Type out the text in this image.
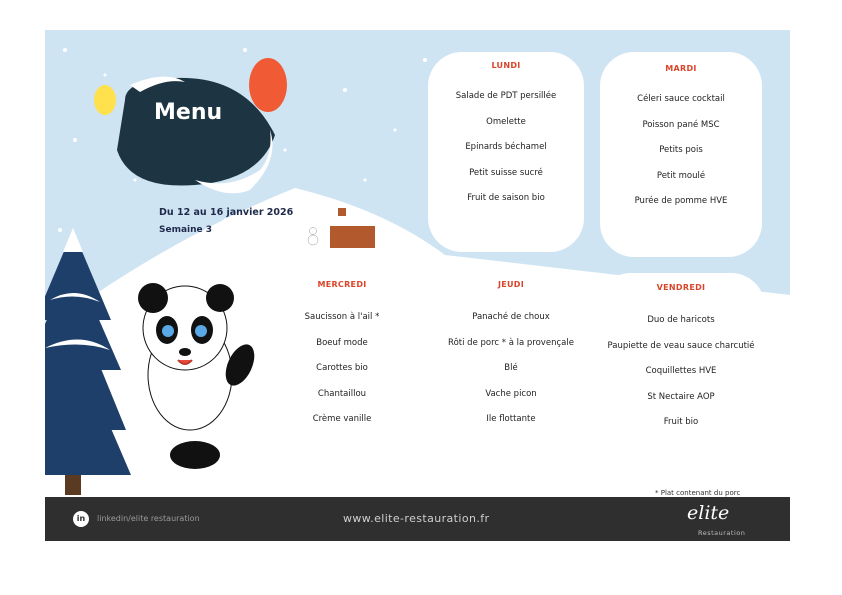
Menu
Du 12 au 16 janvier 2026
Semaine 3
LUNDI
Salade de PDT persillée
Omelette
Epinards béchamel
Petit suisse sucré
Fruit de saison bio
MARDI
Céleri sauce cocktail
Poisson pané MSC
Petits pois
Petit moulé
Purée de pomme HVE
MERCREDI
Saucisson à l'ail *
Boeuf mode
Carottes bio
Chantaillou
Crème vanille
JEUDI
Panaché de choux
Rôti de porc * à la provençale
Blé
Vache picon
Ile flottante
VENDREDI
Duo de haricots
Paupiette de veau sauce charcutié
Coquillettes HVE
St Nectaire AOP
Fruit bio
* Plat contenant du porc
in	linkedin/elite restauration	www.elite-restauration.fr	elite
Restauration
